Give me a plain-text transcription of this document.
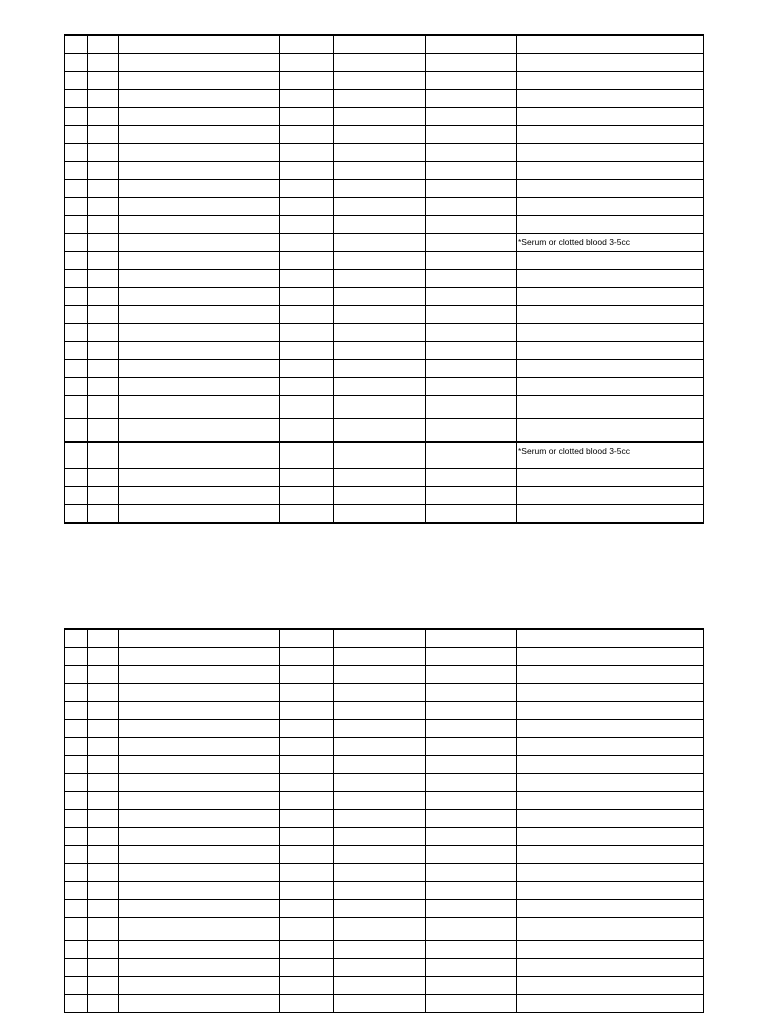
						*Serum or clotted blood 3-5cc

						*Serum or clotted blood 3-5cc
